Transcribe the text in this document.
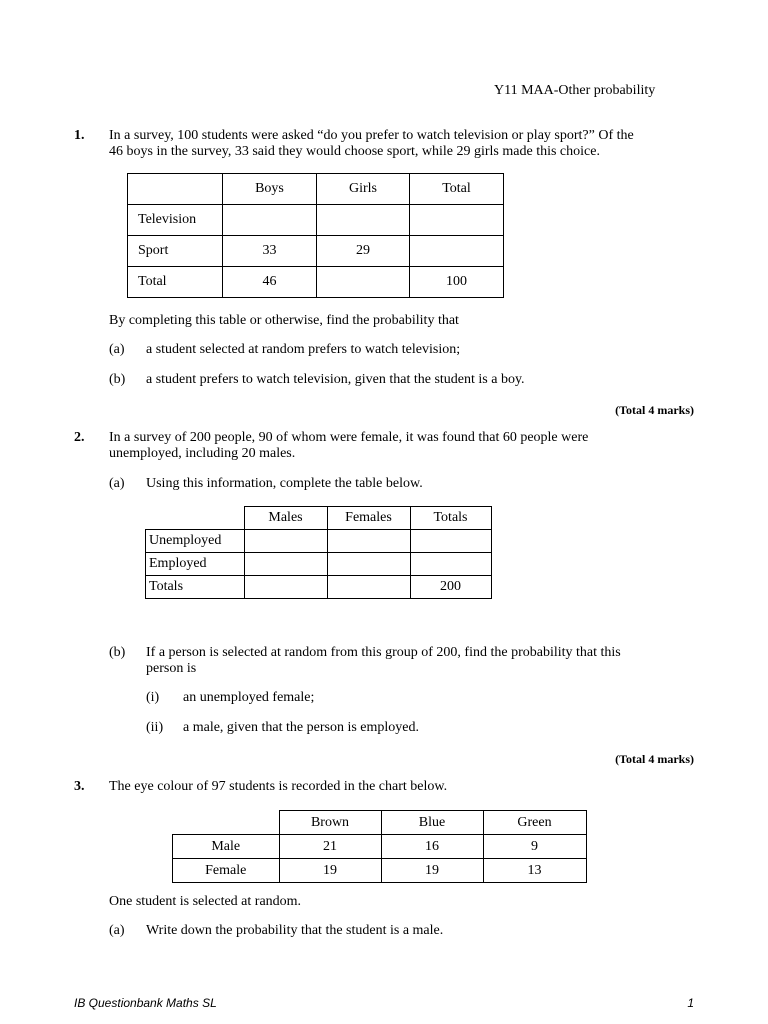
Y11 MAA-Other probability
1. In a survey, 100 students were asked “do you prefer to watch television or play sport?” Of the
46 boys in the survey, 33 said they would choose sport, while 29 girls made this choice.
	Boys	Girls	Total
Television			
Sport	33	29	
Total	46		100
By completing this table or otherwise, find the probability that
(a) a student selected at random prefers to watch television;
(b) a student prefers to watch television, given that the student is a boy.
(Total 4 marks)
2. In a survey of 200 people, 90 of whom were female, it was found that 60 people were
unemployed, including 20 males.
(a) Using this information, complete the table below.
	Males	Females	Totals
Unemployed			
Employed			
Totals			200
(b) If a person is selected at random from this group of 200, find the probability that this
person is
(i) an unemployed female;
(ii) a male, given that the person is employed.
(Total 4 marks)
3. The eye colour of 97 students is recorded in the chart below.
	Brown	Blue	Green
Male	21	16	9
Female	19	19	13
One student is selected at random.
(a) Write down the probability that the student is a male.
IB Questionbank Maths SL	1
